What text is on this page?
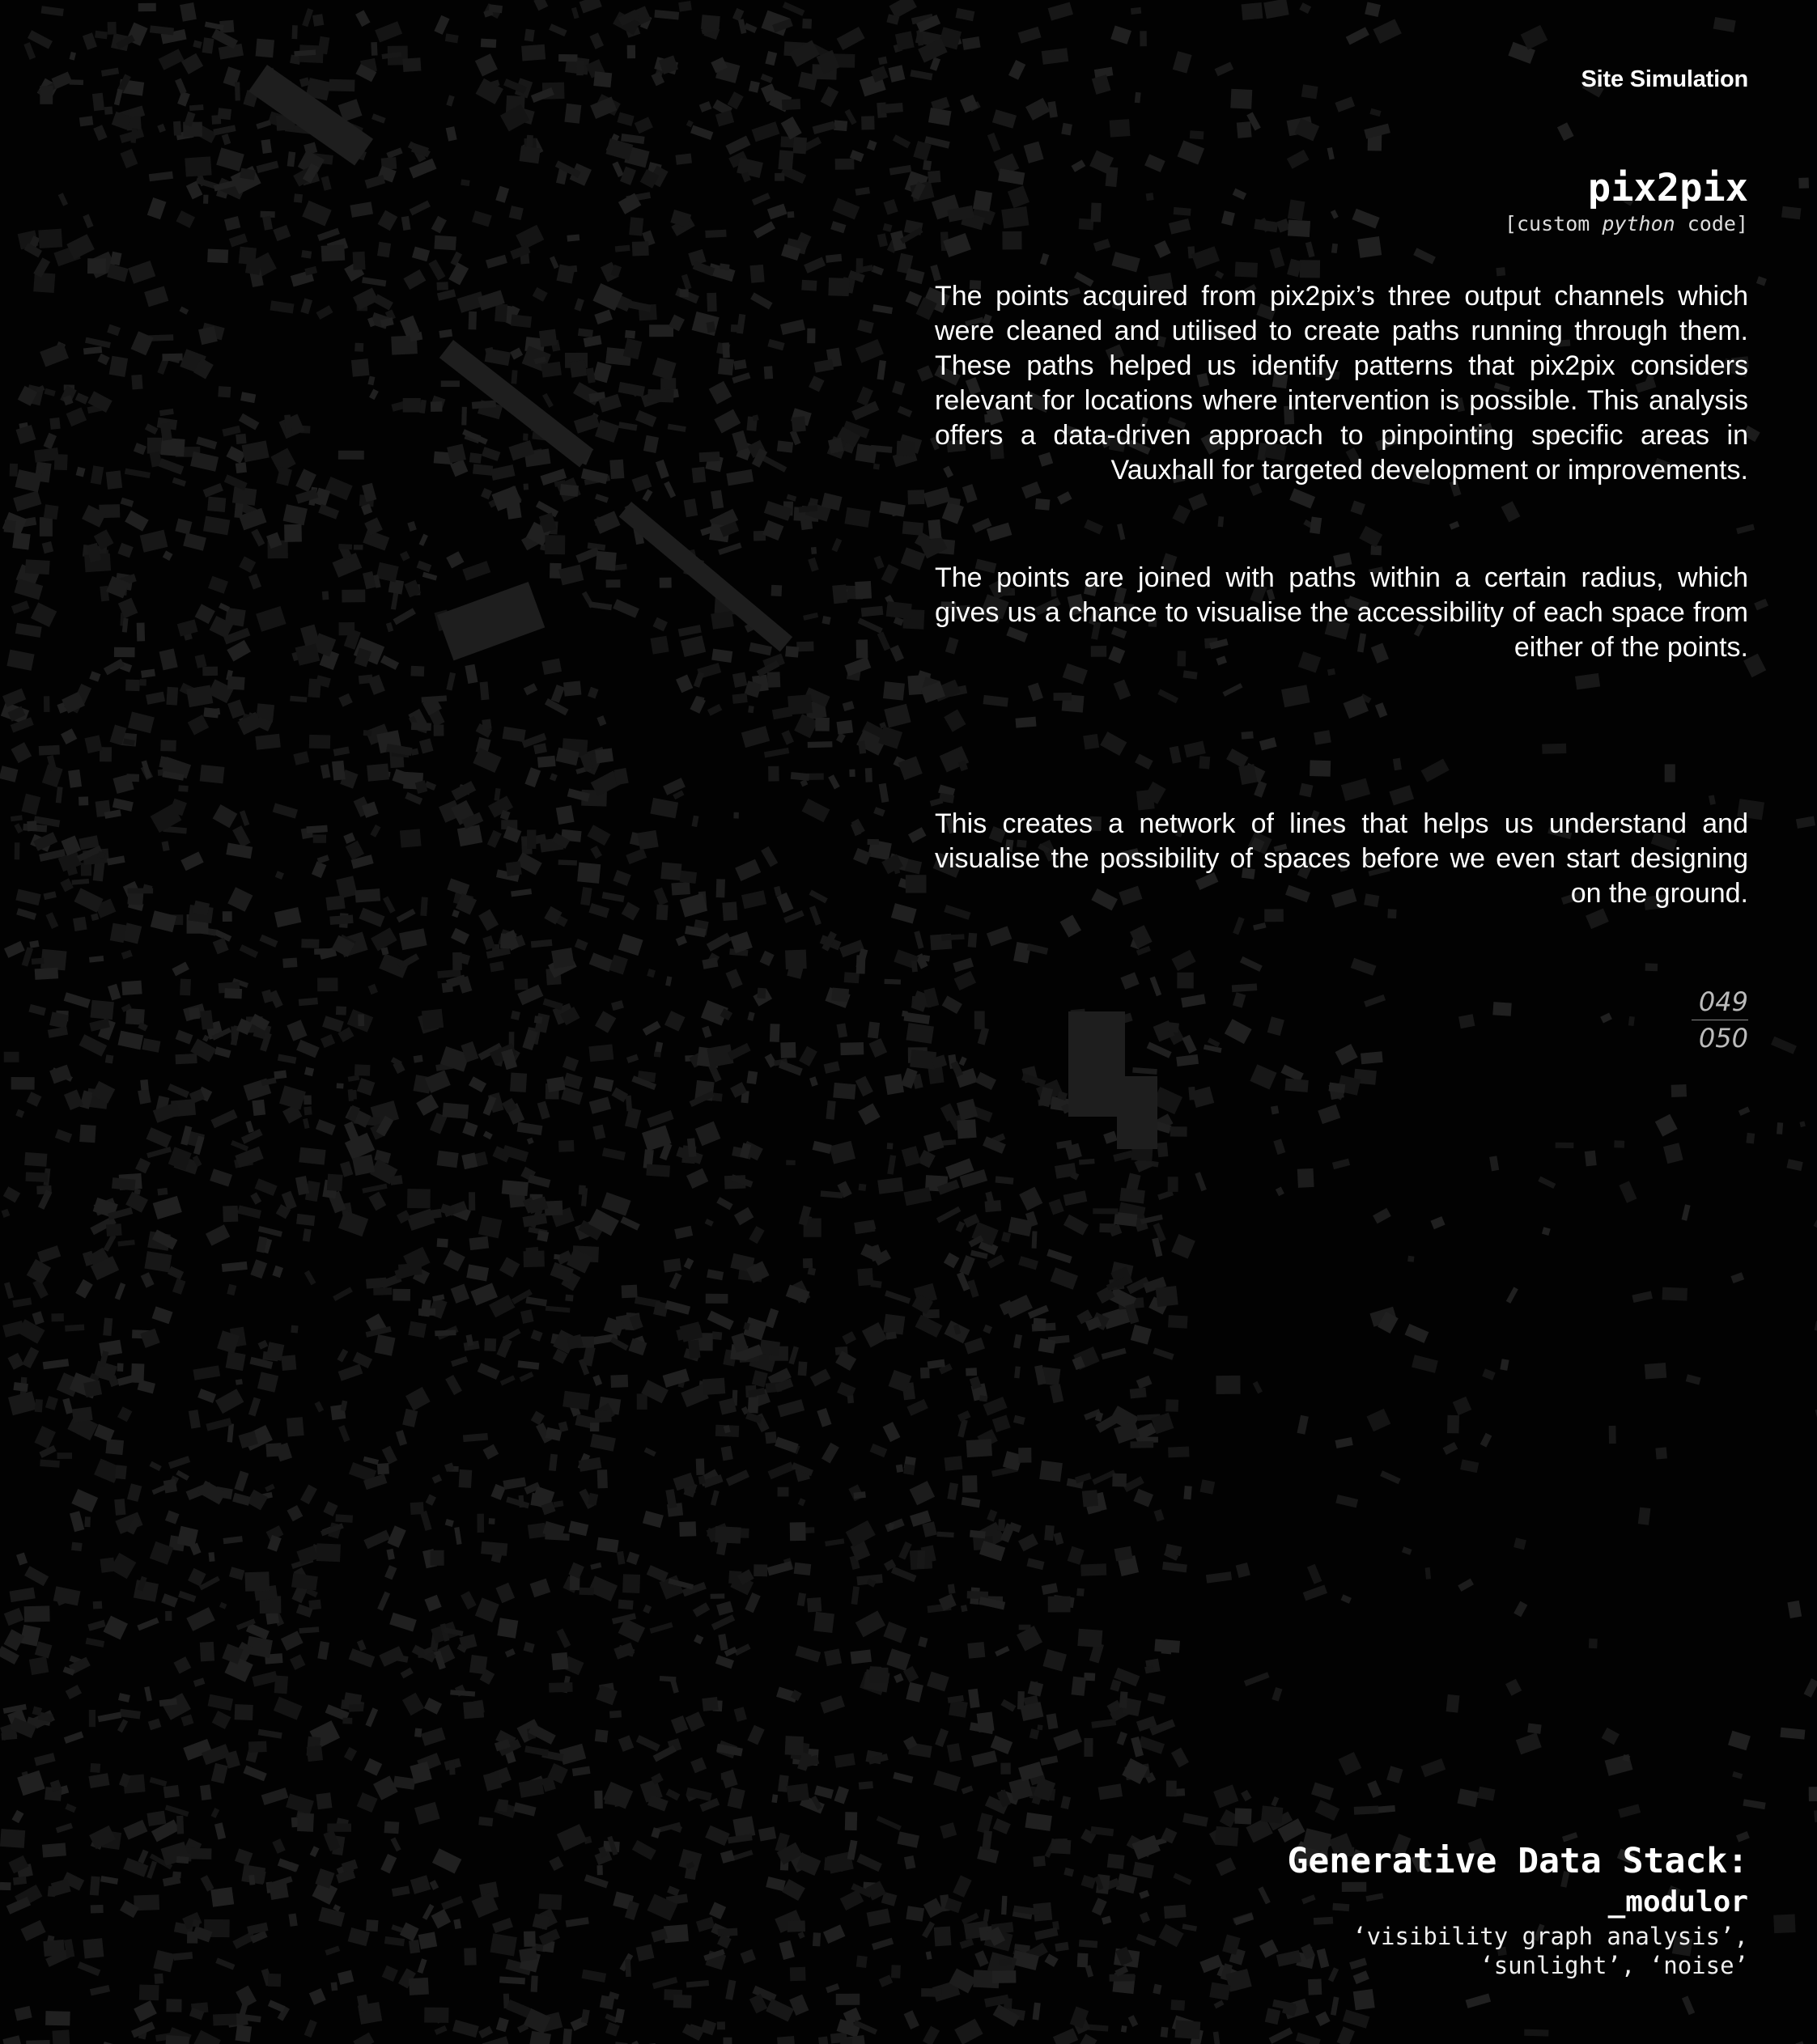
Site Simulation
pix2pix
[custom python code]

The points acquired from pix2pix’s three output channels which were cleaned and utilised to create paths running through them. These paths helped us identify patterns that pix2pix considers relevant for locations where intervention is possible. This analysis offers a data-driven approach to pinpointing specific areas in Vauxhall for targeted development or improvements.

The points are joined with paths within a certain radius, which gives us a chance to visualise the accessibility of each space from either of the points.

This creates a network of lines that helps us understand and visualise the possibility of spaces before we even start designing on the ground.

049
050
Generative Data Stack:
_modulor
‘visibility graph analysis’,
‘sunlight’, ‘noise’
